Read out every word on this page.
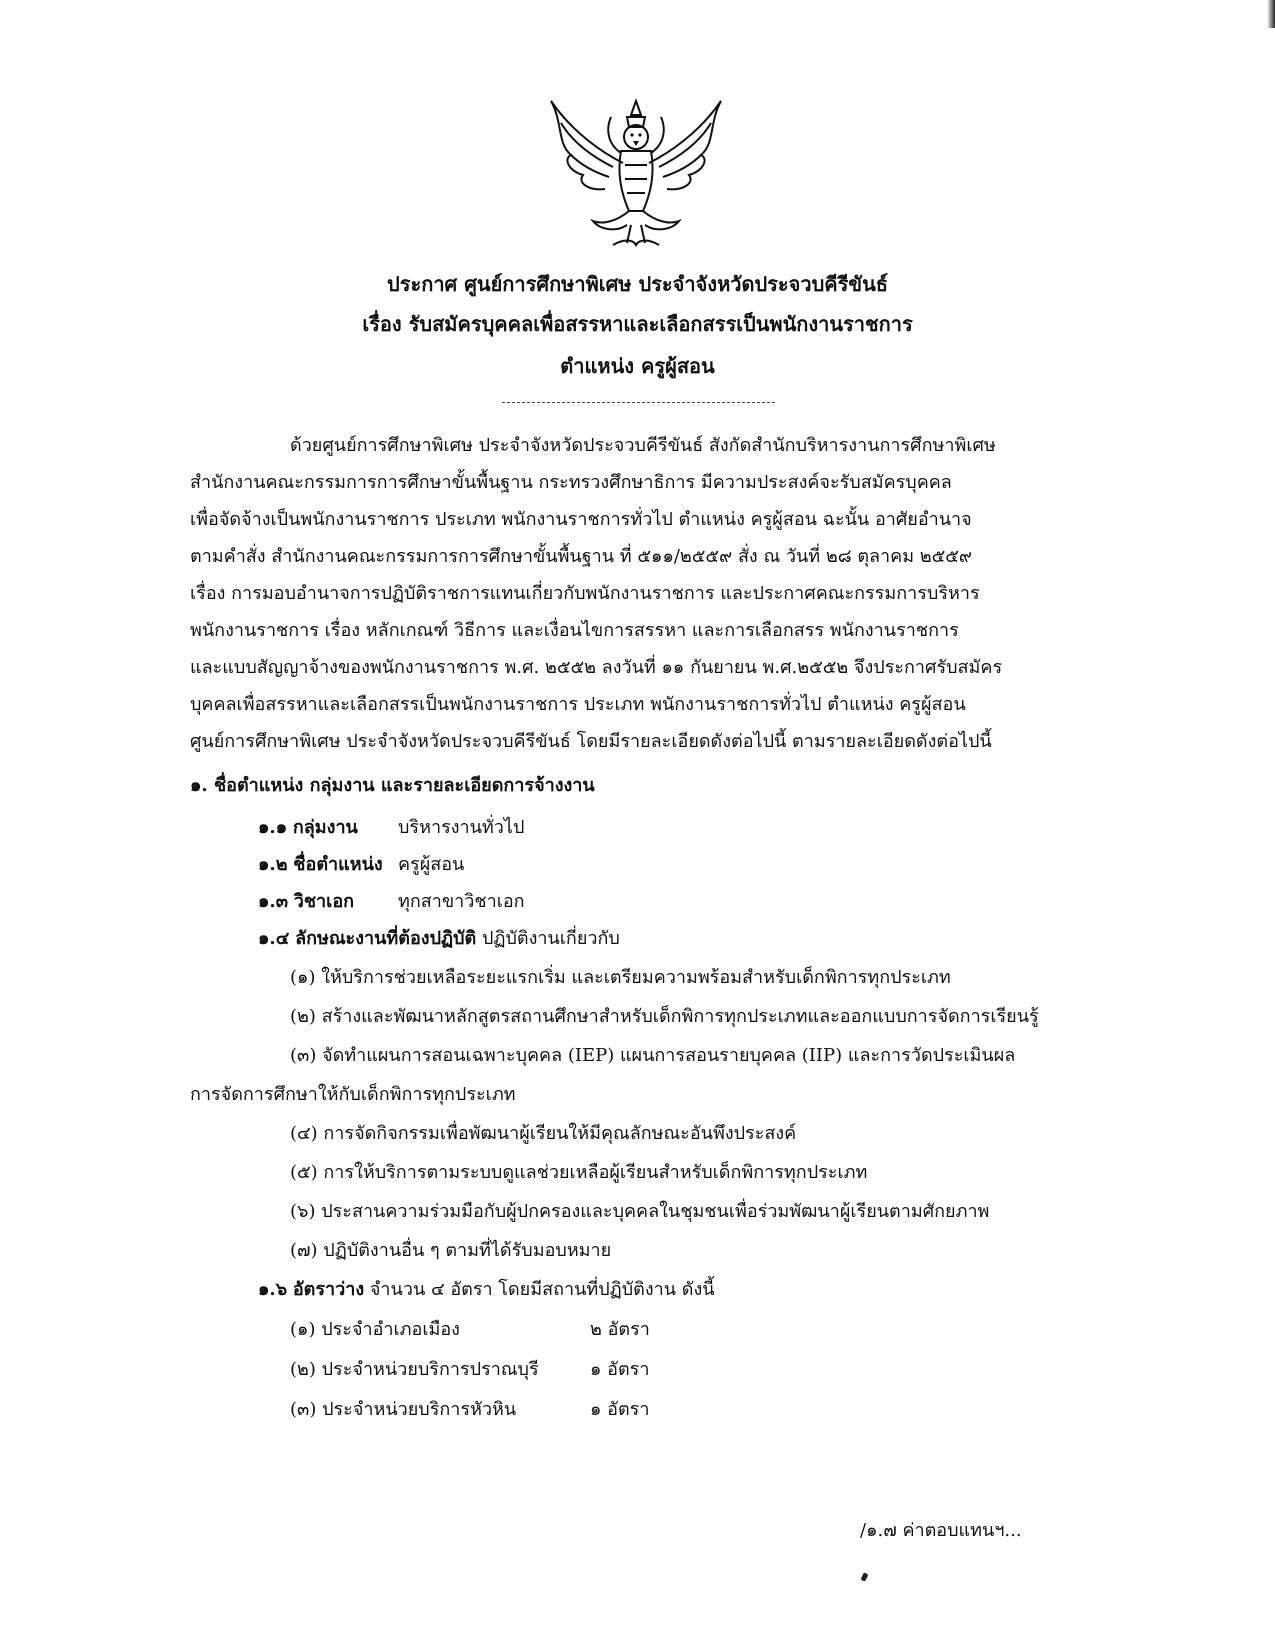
ประกาศ ศูนย์การศึกษาพิเศษ ประจำจังหวัดประจวบคีรีขันธ์
เรื่อง รับสมัครบุคคลเพื่อสรรหาและเลือกสรรเป็นพนักงานราชการ
ตำแหน่ง ครูผู้สอน
ด้วยศูนย์การศึกษาพิเศษ ประจำจังหวัดประจวบคีรีขันธ์ สังกัดสำนักบริหารงานการศึกษาพิเศษ
สำนักงานคณะกรรมการการศึกษาขั้นพื้นฐาน กระทรวงศึกษาธิการ มีความประสงค์จะรับสมัครบุคคล
เพื่อจัดจ้างเป็นพนักงานราชการ ประเภท พนักงานราชการทั่วไป ตำแหน่ง ครูผู้สอน ฉะนั้น อาศัยอำนาจ
ตามคำสั่ง สำนักงานคณะกรรมการการศึกษาขั้นพื้นฐาน ที่ ๕๑๑/๒๕๕๙ สั่ง ณ วันที่ ๒๘ ตุลาคม ๒๕๕๙
เรื่อง การมอบอำนาจการปฏิบัติราชการแทนเกี่ยวกับพนักงานราชการ และประกาศคณะกรรมการบริหาร
พนักงานราชการ เรื่อง หลักเกณฑ์ วิธีการ และเงื่อนไขการสรรหา และการเลือกสรร พนักงานราชการ
และแบบสัญญาจ้างของพนักงานราชการ พ.ศ. ๒๕๕๒ ลงวันที่ ๑๑ กันยายน พ.ศ.๒๕๕๒ จึงประกาศรับสมัคร
บุคคลเพื่อสรรหาและเลือกสรรเป็นพนักงานราชการ ประเภท พนักงานราชการทั่วไป ตำแหน่ง ครูผู้สอน
ศูนย์การศึกษาพิเศษ ประจำจังหวัดประจวบคีรีขันธ์ โดยมีรายละเอียดดังต่อไปนี้ ตามรายละเอียดดังต่อไปนี้
๑. ชื่อตำแหน่ง กลุ่มงาน และรายละเอียดการจ้างงาน
๑.๑ กลุ่มงาน บริหารงานทั่วไป
๑.๒ ชื่อตำแหน่ง ครูผู้สอน
๑.๓ วิชาเอก ทุกสาขาวิชาเอก
๑.๔ ลักษณะงานที่ต้องปฏิบัติ ปฏิบัติงานเกี่ยวกับ
(๑) ให้บริการช่วยเหลือระยะแรกเริ่ม และเตรียมความพร้อมสำหรับเด็กพิการทุกประเภท
(๒) สร้างและพัฒนาหลักสูตรสถานศึกษาสำหรับเด็กพิการทุกประเภทและออกแบบการจัดการเรียนรู้
(๓) จัดทำแผนการสอนเฉพาะบุคคล (IEP) แผนการสอนรายบุคคล (IIP) และการวัดประเมินผล
การจัดการศึกษาให้กับเด็กพิการทุกประเภท
(๔) การจัดกิจกรรมเพื่อพัฒนาผู้เรียนให้มีคุณลักษณะอันพึงประสงค์
(๕) การให้บริการตามระบบดูแลช่วยเหลือผู้เรียนสำหรับเด็กพิการทุกประเภท
(๖) ประสานความร่วมมือกับผู้ปกครองและบุคคลในชุมชนเพื่อร่วมพัฒนาผู้เรียนตามศักยภาพ
(๗) ปฏิบัติงานอื่น ๆ ตามที่ได้รับมอบหมาย
๑.๖ อัตราว่าง จำนวน ๔ อัตรา โดยมีสถานที่ปฏิบัติงาน ดังนี้
(๑) ประจำอำเภอเมือง	๒ อัตรา
(๒) ประจำหน่วยบริการปราณบุรี	๑ อัตรา
(๓) ประจำหน่วยบริการหัวหิน	๑ อัตรา
/๑.๗ ค่าตอบแทนฯ...
